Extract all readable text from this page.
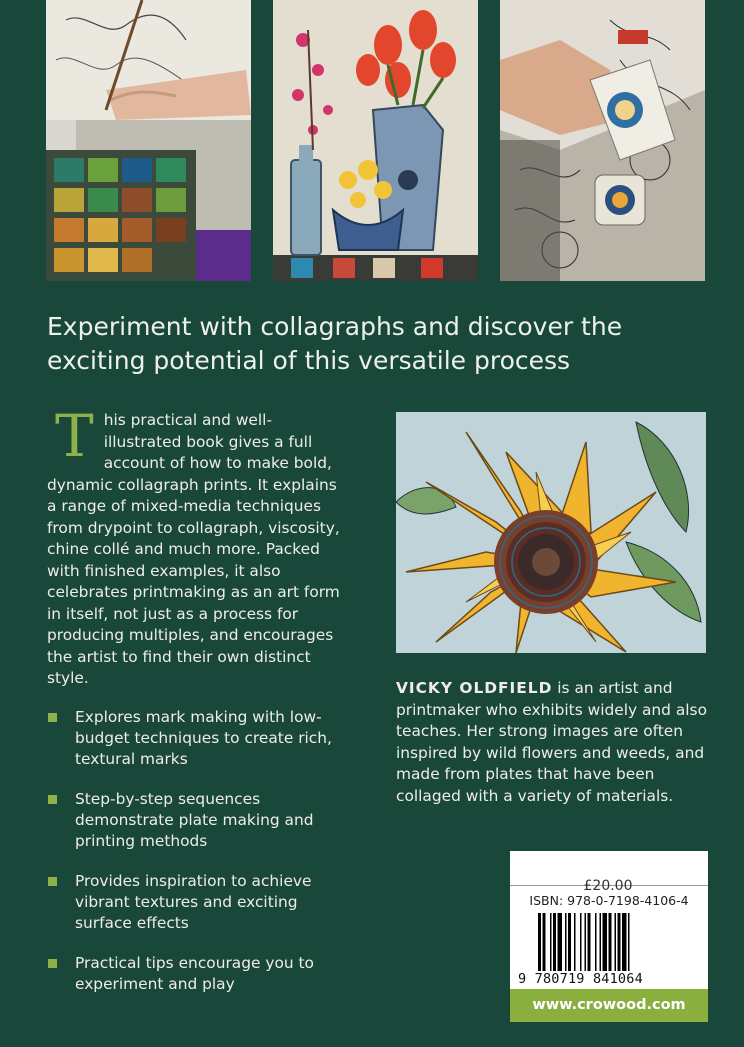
Experiment with collagraphs and discover the exciting potential of this versatile process

This practical and well-illustrated book gives a full account of how to make bold, dynamic collagraph prints. It explains a range of mixed-media techniques from drypoint to collagraph, viscosity, chine collé and much more. Packed with finished examples, it also celebrates printmaking as an art form in itself, not just as a process for producing multiples, and encourages the artist to find their own distinct style.

Explores mark making with low-budget techniques to create rich, textural marks
Step-by-step sequences demonstrate plate making and printing methods
Provides inspiration to achieve vibrant textures and exciting surface effects
Practical tips encourage you to experiment and play

VICKY OLDFIELD is an artist and printmaker who exhibits widely and also teaches. Her strong images are often inspired by wild flowers and weeds, and made from plates that have been collaged with a variety of materials.

£20.00
ISBN: 978-0-7198-4106-4
9 780719 841064
www.crowood.com
